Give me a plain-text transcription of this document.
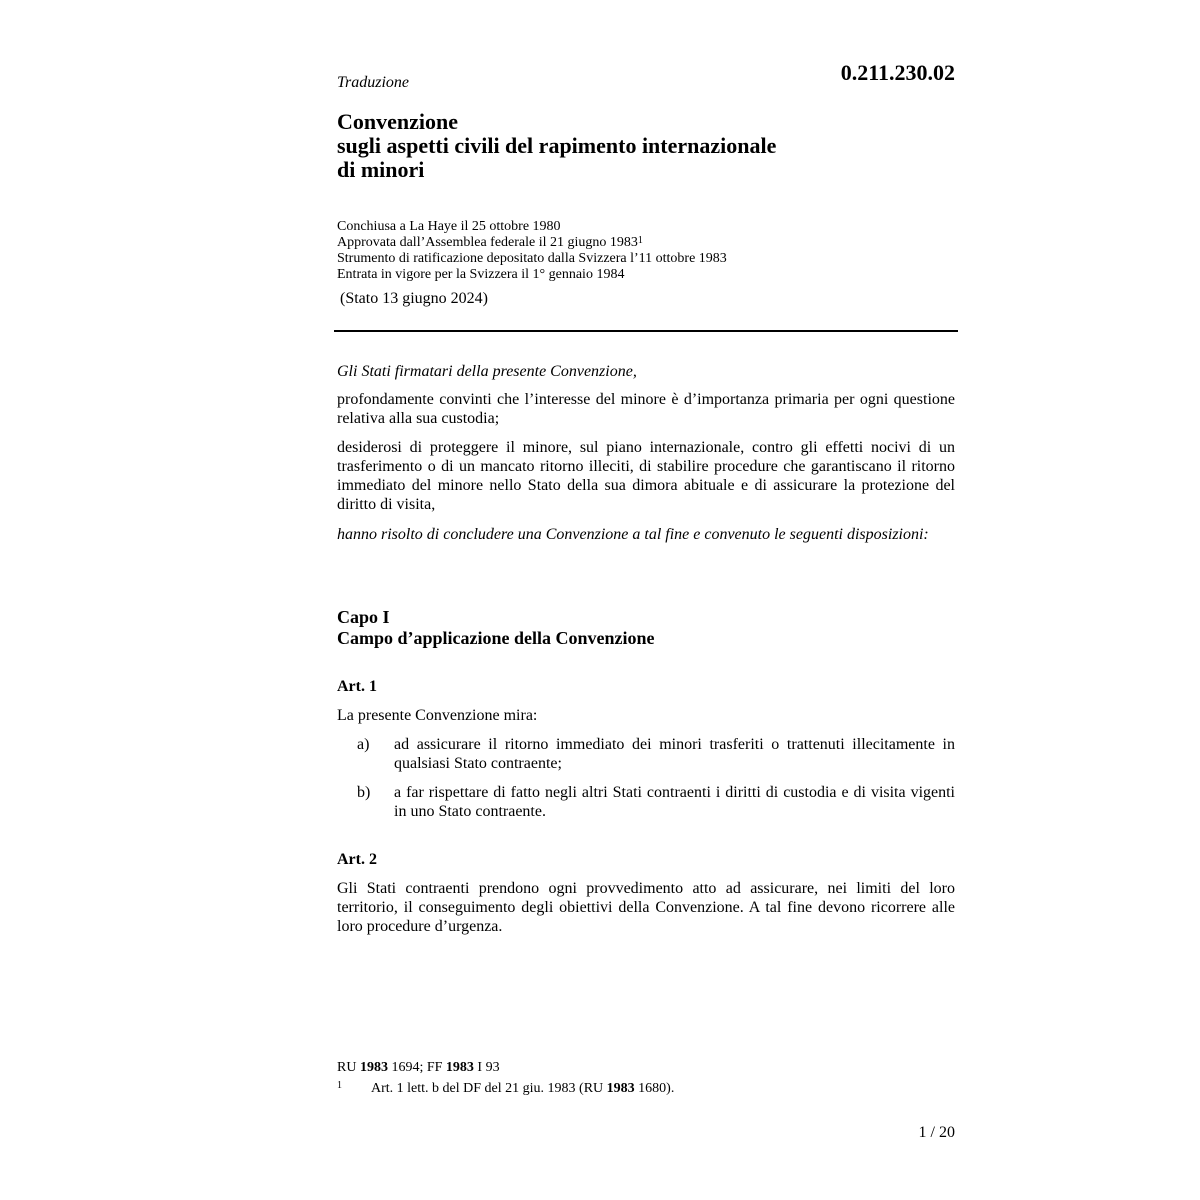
0.211.230.02
Traduzione
Convenzione
sugli aspetti civili del rapimento internazionale
di minori
Conchiusa a La Haye il 25 ottobre 1980
Approvata dall’Assemblea federale il 21 giugno 1983$^1$
Strumento di ratificazione depositato dalla Svizzera l’11 ottobre 1983
Entrata in vigore per la Svizzera il 1° gennaio 1984
(Stato 13 giugno 2024)
Gli Stati firmatari della presente Convenzione,
profondamente convinti che l’interesse del minore è d’importanza primaria per ogni questione relativa alla sua custodia;
desiderosi di proteggere il minore, sul piano internazionale, contro gli effetti nocivi di un trasferimento o di un mancato ritorno illeciti, di stabilire procedure che garantiscano il ritorno immediato del minore nello Stato della sua dimora abituale e di assicurare la protezione del diritto di visita,
hanno risolto di concludere una Convenzione a tal fine e convenuto le seguenti disposizioni:
Capo I
Campo d’applicazione della Convenzione
Art. 1
La presente Convenzione mira:
a) ad assicurare il ritorno immediato dei minori trasferiti o trattenuti illecitamente in qualsiasi Stato contraente;
b) a far rispettare di fatto negli altri Stati contraenti i diritti di custodia e di visita vigenti in uno Stato contraente.
Art. 2
Gli Stati contraenti prendono ogni provvedimento atto ad assicurare, nei limiti del loro territorio, il conseguimento degli obiettivi della Convenzione. A tal fine devono ricorrere alle loro procedure d’urgenza.
RU 1983 1694; FF 1983 I 93
1 Art. 1 lett. b del DF del 21 giu. 1983 (RU 1983 1680).
1 / 20
